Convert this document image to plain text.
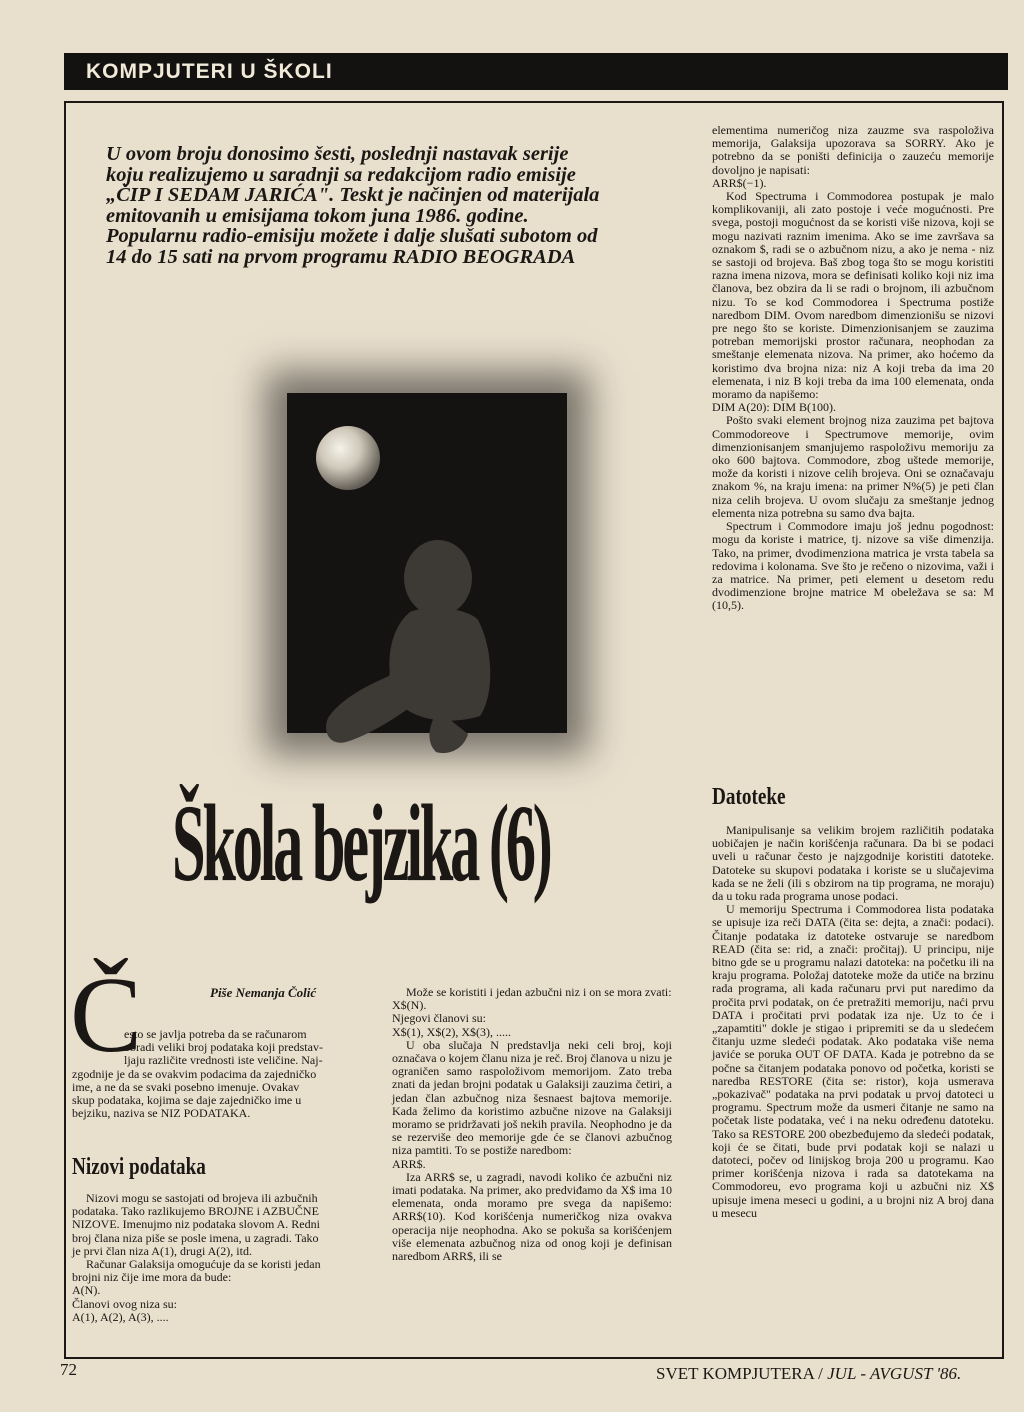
KOMPJUTERI U ŠKOLI

U ovom broju donosimo šesti, poslednji nastavak serije

koju realizujemo u saradnji sa redakcijom radio emisije

„ČIP I SEDAM JARIĆA". Teskt je načinjen od materijala

emitovanih u emisijama tokom juna 1986. godine.

Popularnu radio-emisiju možete i dalje slušati subotom od

14 do 15 sati na prvom programu RADIO BEOGRADA

Škola bejzika (6)
Piše Nemanja Čolić
Č
esto se javlja potreba da se računarom
obradi veliki broj podataka koji predstav-
ljaju različite vrednosti iste veličine. Naj-
zgodnije je da se ovakvim podacima da zajedničko
ime, a ne da se svaki posebno imenuje. Ovakav
skup podataka, kojima se daje zajedničko ime u
bejziku, naziva se NIZ PODATAKA.
Nizovi podataka
Nizovi mogu se sastojati od brojeva ili azbučnih
podataka. Tako razlikujemo BROJNE i AZBUČNE
NIZOVE. Imenujmo niz podataka slovom A. Redni
broj člana niza piše se posle imena, u zagradi. Tako
je prvi član niza A(1), drugi A(2), itd.
Računar Galaksija omogućuje da se koristi jedan
brojni niz čije ime mora da bude:
A(N).
Članovi ovog niza su:
A(1), A(2), A(3), ....

Može se koristiti i jedan azbučni niz i on se mora zvati:

X$(N).

Njegovi članovi su:

X$(1), X$(2), X$(3), .....

U oba slučaja N predstavlja neki celi broj, koji označava o kojem članu niza je reč. Broj članova u nizu je ograničen samo raspoloživom memorijom. Zato treba znati da jedan brojni podatak u Galaksiji zauzima četiri, a jedan član azbučnog niza šesnaest bajtova memorije. Kada želimo da koristimo azbučne nizove na Galaksiji moramo se pridržavati još nekih pravila. Neophodno je da se rezerviše deo memorije gde će se članovi azbučnog niza pamtiti. To se postiže naredbom:

ARR$.

Iza ARR$ se, u zagradi, navodi koliko će azbučni niz imati podataka. Na primer, ako predviđamo da X$ ima 10 elemenata, onda moramo pre svega da napišemo: ARR$(10). Kod korišćenja numeričkog niza ovakva operacija nije neophodna. Ako se pokuša sa korišćenjem više elemenata azbučnog niza od onog koji je definisan naredbom ARR$, ili se

elementima numeričog niza zauzme sva raspoloživa memorija, Galaksija upozorava sa SORRY. Ako je potrebno da se poništi definicija o zauzeću memorije dovoljno je napisati:

ARR$(−1).

Kod Spectruma i Commodorea postupak je malo komplikovaniji, ali zato postoje i veće mogućnosti. Pre svega, postoji mogućnost da se koristi više nizova, koji se mogu nazivati raznim imenima. Ako se ime završava sa oznakom $, radi se o azbučnom nizu, a ako je nema - niz se sastoji od brojeva. Baš zbog toga što se mogu koristiti razna imena nizova, mora se definisati koliko koji niz ima članova, bez obzira da li se radi o brojnom, ili azbučnom nizu. To se kod Commodorea i Spectruma postiže naredbom DIM. Ovom naredbom dimenzionišu se nizovi pre nego što se koriste. Dimenzionisanjem se zauzima potreban memorijski prostor računara, neophodan za smeštanje elemenata nizova. Na primer, ako hoćemo da koristimo dva brojna niza: niz A koji treba da ima 20 elemenata, i niz B koji treba da ima 100 elemenata, onda moramo da napišemo:

DIM A(20): DIM B(100).

Pošto svaki element brojnog niza zauzima pet bajtova Commodoreove i Spectrumove memorije, ovim dimenzionisanjem smanjujemo raspoloživu memoriju za oko 600 bajtova. Commodore, zbog uštede memorije, može da koristi i nizove celih brojeva. Oni se označavaju znakom %, na kraju imena: na primer N%(5) je peti član niza celih brojeva. U ovom slučaju za smeštanje jednog elementa niza potrebna su samo dva bajta.

Spectrum i Commodore imaju još jednu pogodnost: mogu da koriste i matrice, tj. nizove sa više dimenzija. Tako, na primer, dvodimenziona matrica je vrsta tabela sa redovima i kolonama. Sve što je rečeno o nizovima, važi i za matrice. Na primer, peti element u desetom redu dvodimenzione brojne matrice M obeležava se sa: M (10,5).

Datoteke

Manipulisanje sa velikim brojem različitih podataka uobičajen je način korišćenja računara. Da bi se podaci uveli u računar često je najzgodnije koristiti datoteke. Datoteke su skupovi podataka i koriste se u slučajevima kada se ne želi (ili s obzirom na tip programa, ne moraju) da u toku rada programa unose podaci.

U memoriju Spectruma i Commodorea lista podataka se upisuje iza reči DATA (čita se: dejta, a znači: podaci). Čitanje podataka iz datoteke ostvaruje se naredbom READ (čita se: rid, a znači: pročitaj). U principu, nije bitno gde se u programu nalazi datoteka: na početku ili na kraju programa. Položaj datoteke može da utiče na brzinu rada programa, ali kada računaru prvi put naredimo da pročita prvi podatak, on će pretražiti memoriju, naći prvu DATA i pročitati prvi podatak iza nje. Uz to će i „zapamtiti" dokle je stigao i pripremiti se da u sledećem čitanju uzme sledeći podatak. Ako podataka više nema javiće se poruka OUT OF DATA. Kada je potrebno da se počne sa čitanjem podataka ponovo od početka, koristi se naredba RESTORE (čita se: ristor), koja usmerava „pokazivač" podataka na prvi podatak u prvoj datoteci u programu. Spectrum može da usmeri čitanje ne samo na početak liste podataka, već i na neku određenu datoteku. Tako sa RESTORE 200 obezbeđujemo da sledeći podatak, koji će se čitati, bude prvi podatak koji se nalazi u datoteci, počev od linijskog broja 200 u programu. Kao primer korišćenja nizova i rada sa datotekama na Commodoreu, evo programa koji u azbučni niz X$ upisuje imena meseci u godini, a u brojni niz A broj dana u mesecu

72	SVET KOMPJUTERA / JUL - AVGUST '86.
